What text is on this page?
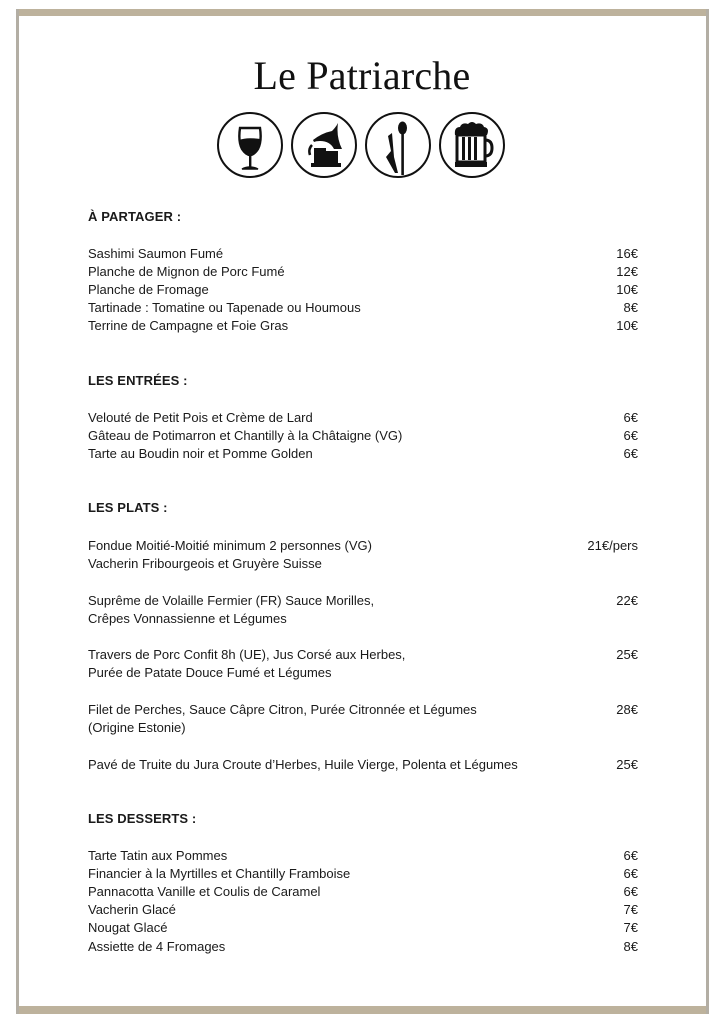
Le Patriarche
À PARTAGER :
Sashimi Saumon Fumé	16€
Planche de Mignon de Porc Fumé	12€
Planche de Fromage	10€
Tartinade : Tomatine ou Tapenade ou Houmous	8€
Terrine de Campagne et Foie Gras	10€
LES ENTRÉES :
Velouté de Petit Pois et Crème de Lard	6€
Gâteau de Potimarron et Chantilly à la Châtaigne (VG)	6€
Tarte au Boudin noir et Pomme Golden	6€
LES PLATS :
Fondue Moitié-Moitié minimum 2 personnes (VG)
Vacherin Fribourgeois et Gruyère Suisse
21€/pers
Suprême de Volaille Fermier (FR) Sauce Morilles,
Crêpes Vonnassienne et Légumes
22€
Travers de Porc Confit 8h (UE), Jus Corsé aux Herbes,
Purée de Patate Douce Fumé et Légumes
25€
Filet de Perches, Sauce Câpre Citron, Purée Citronnée et Légumes
(Origine Estonie)
28€
Pavé de Truite du Jura Croute d’Herbes, Huile Vierge, Polenta et Légumes	25€
LES DESSERTS :
Tarte Tatin aux Pommes	6€
Financier à la Myrtilles et Chantilly Framboise	6€
Pannacotta Vanille et Coulis de Caramel	6€
Vacherin Glacé	7€
Nougat Glacé	7€
Assiette de 4 Fromages	8€
